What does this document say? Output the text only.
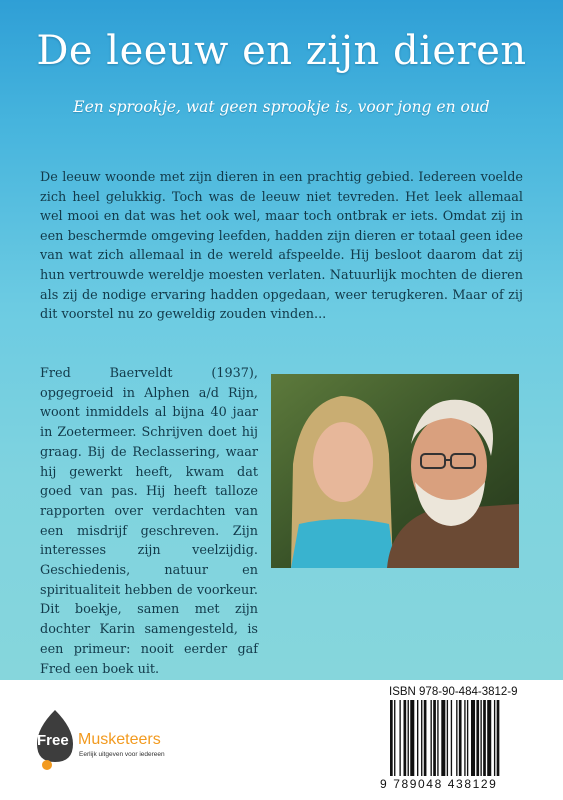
De leeuw en zijn dieren
Een sprookje, wat geen sprookje is, voor jong en oud
De leeuw woonde met zijn dieren in een prachtig gebied. Iedereen voelde zich heel gelukkig. Toch was de leeuw niet tevreden. Het leek allemaal wel mooi en dat was het ook wel, maar toch ontbrak er iets. Omdat zij in een beschermde omgeving leefden, hadden zijn dieren er totaal geen idee van wat zich allemaal in de wereld afspeelde. Hij besloot daarom dat zij hun vertrouwde wereldje moesten verlaten. Natuurlijk mochten de dieren als zij de nodige ervaring hadden opgedaan, weer terugkeren. Maar of zij dit voorstel nu zo geweldig zouden vinden...
Fred Baerveldt (1937), opgegroeid in Alphen a/d Rijn, woont inmiddels al bijna 40 jaar in Zoetermeer. Schrijven doet hij graag. Bij de Reclassering, waar hij gewerkt heeft, kwam dat goed van pas. Hij heeft talloze rapporten over verdachten van een misdrijf geschreven. Zijn interesses zijn veelzijdig. Geschiedenis, natuur en spiritualiteit hebben de voorkeur. Dit boekje, samen met zijn dochter Karin samengesteld, is een primeur: nooit eerder gaf Fred een boek uit.
Free Musketeers
Eerlijk uitgeven voor iedereen
ISBN 978-90-484-3812-9
9 789048 438129
